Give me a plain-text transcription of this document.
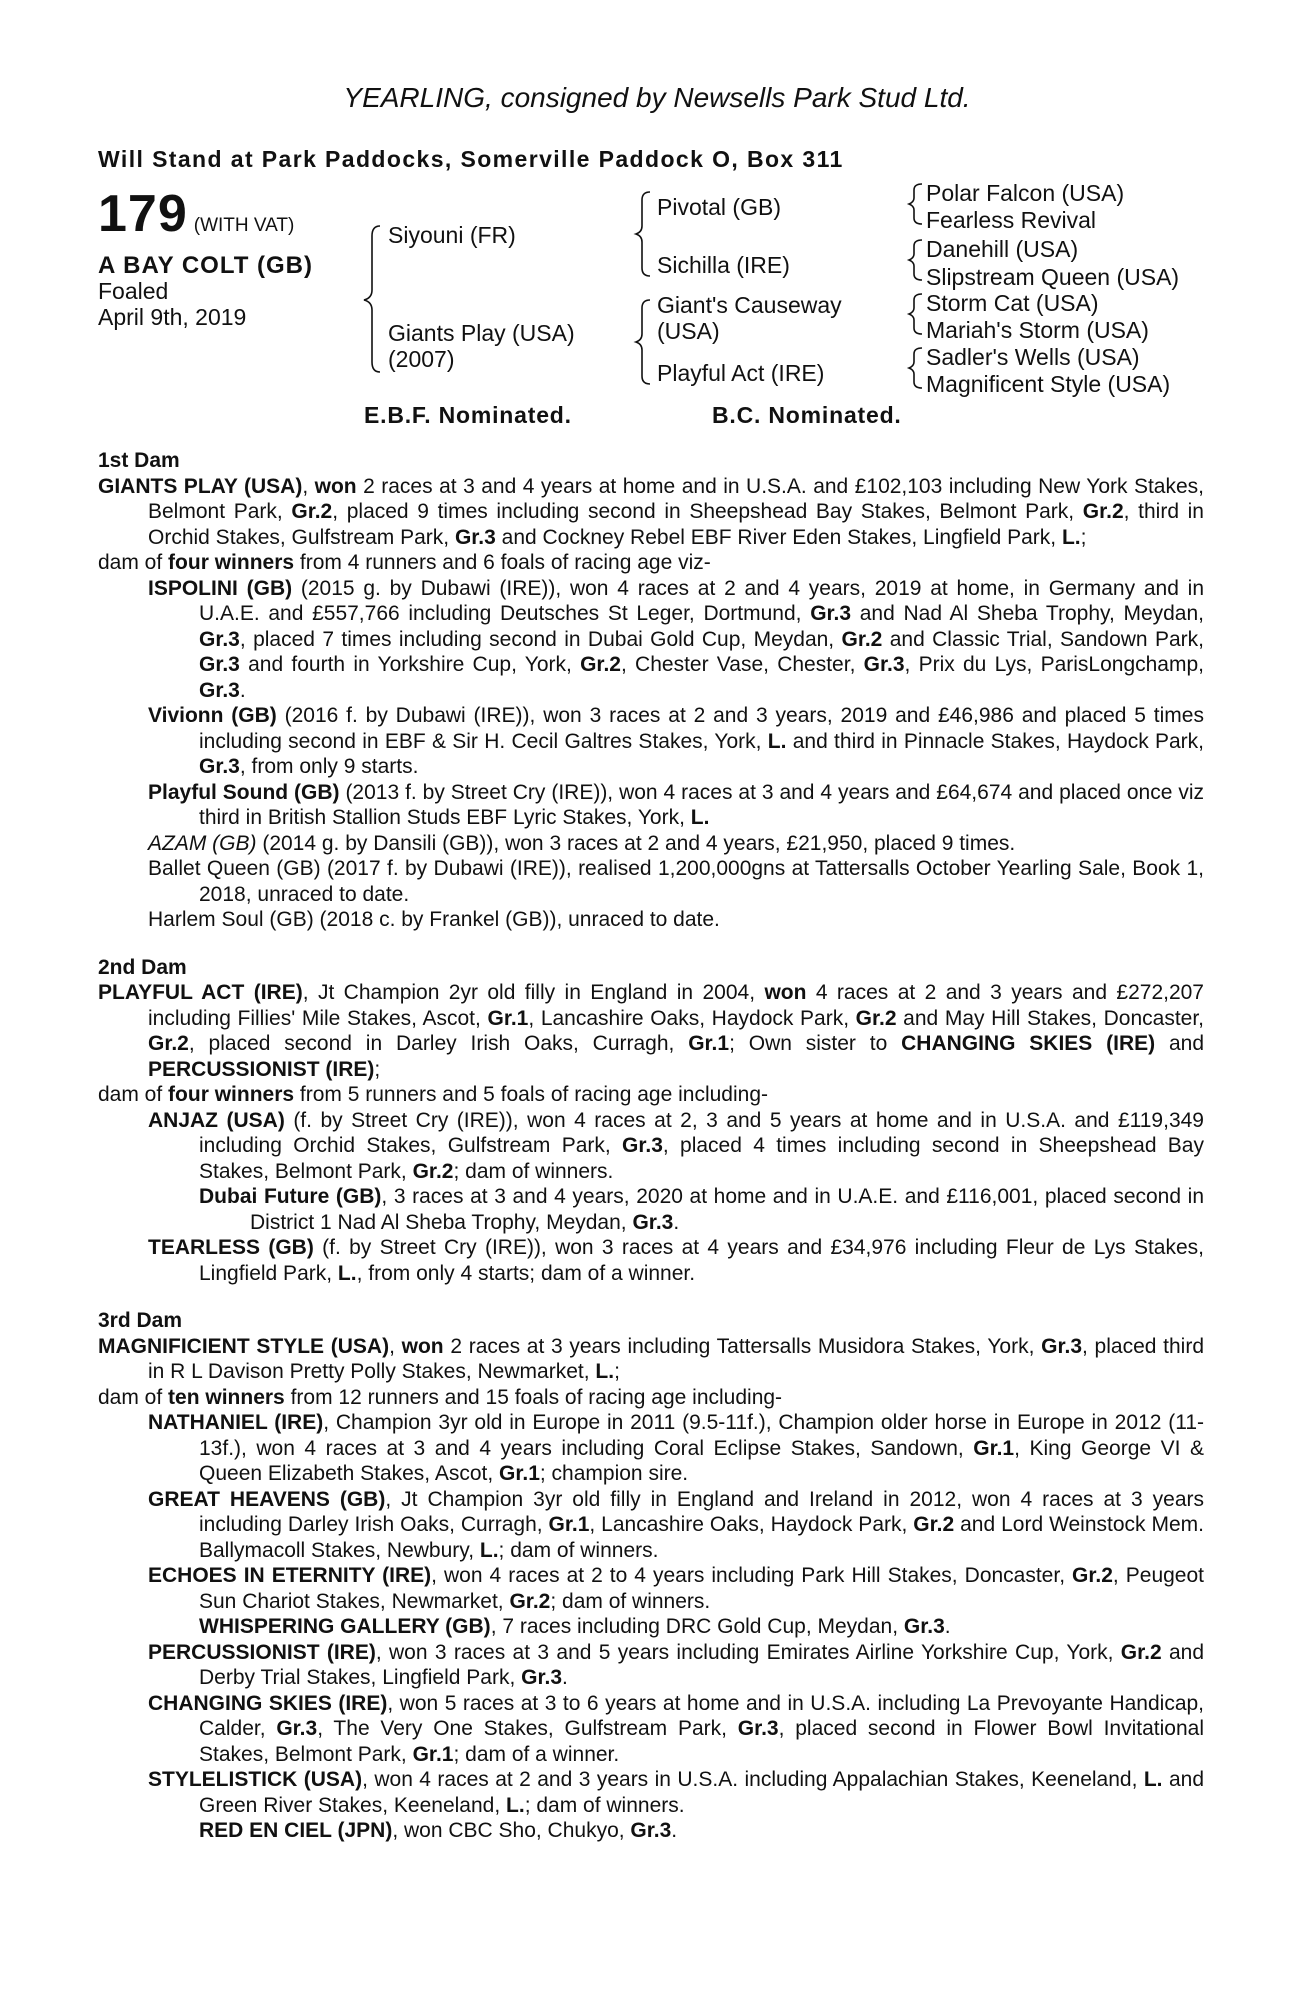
YEARLING, consigned by Newsells Park Stud Ltd.
Will Stand at Park Paddocks, Somerville Paddock O, Box 311
179 (WITH VAT)
A BAY COLT (GB)
Foaled
April 9th, 2019
Siyouni (FR)
Giants Play (USA)
(2007)
Pivotal (GB)
Sichilla (IRE)
Giant's Causeway
(USA)
Playful Act (IRE)
Polar Falcon (USA)
Fearless Revival
Danehill (USA)
Slipstream Queen (USA)
Storm Cat (USA)
Mariah's Storm (USA)
Sadler's Wells (USA)
Magnificent Style (USA)
E.B.F. Nominated.	B.C. Nominated.

1st Dam

GIANTS PLAY (USA), won 2 races at 3 and 4 years at home and in U.S.A. and £102,103 including New York Stakes, Belmont Park, Gr.2, placed 9 times including second in Sheepshead Bay Stakes, Belmont Park, Gr.2, third in Orchid Stakes, Gulfstream Park, Gr.3 and Cockney Rebel EBF River Eden Stakes, Lingfield Park, L.;

dam of four winners from 4 runners and 6 foals of racing age viz-

ISPOLINI (GB) (2015 g. by Dubawi (IRE)), won 4 races at 2 and 4 years, 2019 at home, in Germany and in U.A.E. and £557,766 including Deutsches St Leger, Dortmund, Gr.3 and Nad Al Sheba Trophy, Meydan, Gr.3, placed 7 times including second in Dubai Gold Cup, Meydan, Gr.2 and Classic Trial, Sandown Park, Gr.3 and fourth in Yorkshire Cup, York, Gr.2, Chester Vase, Chester, Gr.3, Prix du Lys, ParisLongchamp, Gr.3.

Vivionn (GB) (2016 f. by Dubawi (IRE)), won 3 races at 2 and 3 years, 2019 and £46,986 and placed 5 times including second in EBF & Sir H. Cecil Galtres Stakes, York, L. and third in Pinnacle Stakes, Haydock Park, Gr.3, from only 9 starts.

Playful Sound (GB) (2013 f. by Street Cry (IRE)), won 4 races at 3 and 4 years and £64,674 and placed once viz third in British Stallion Studs EBF Lyric Stakes, York, L.

AZAM (GB) (2014 g. by Dansili (GB)), won 3 races at 2 and 4 years, £21,950, placed 9 times.

Ballet Queen (GB) (2017 f. by Dubawi (IRE)), realised 1,200,000gns at Tattersalls October Yearling Sale, Book 1, 2018, unraced to date.

Harlem Soul (GB) (2018 c. by Frankel (GB)), unraced to date.

2nd Dam

PLAYFUL ACT (IRE), Jt Champion 2yr old filly in England in 2004, won 4 races at 2 and 3 years and £272,207 including Fillies' Mile Stakes, Ascot, Gr.1, Lancashire Oaks, Haydock Park, Gr.2 and May Hill Stakes, Doncaster, Gr.2, placed second in Darley Irish Oaks, Curragh, Gr.1; Own sister to CHANGING SKIES (IRE) and PERCUSSIONIST (IRE);

dam of four winners from 5 runners and 5 foals of racing age including-

ANJAZ (USA) (f. by Street Cry (IRE)), won 4 races at 2, 3 and 5 years at home and in U.S.A. and £119,349 including Orchid Stakes, Gulfstream Park, Gr.3, placed 4 times including second in Sheepshead Bay Stakes, Belmont Park, Gr.2; dam of winners.

Dubai Future (GB), 3 races at 3 and 4 years, 2020 at home and in U.A.E. and £116,001, placed second in District 1 Nad Al Sheba Trophy, Meydan, Gr.3.

TEARLESS (GB) (f. by Street Cry (IRE)), won 3 races at 4 years and £34,976 including Fleur de Lys Stakes, Lingfield Park, L., from only 4 starts; dam of a winner.

3rd Dam

MAGNIFICIENT STYLE (USA), won 2 races at 3 years including Tattersalls Musidora Stakes, York, Gr.3, placed third in R L Davison Pretty Polly Stakes, Newmarket, L.;

dam of ten winners from 12 runners and 15 foals of racing age including-

NATHANIEL (IRE), Champion 3yr old in Europe in 2011 (9.5-11f.), Champion older horse in Europe in 2012 (11-13f.), won 4 races at 3 and 4 years including Coral Eclipse Stakes, Sandown, Gr.1, King George VI & Queen Elizabeth Stakes, Ascot, Gr.1; champion sire.

GREAT HEAVENS (GB), Jt Champion 3yr old filly in England and Ireland in 2012, won 4 races at 3 years including Darley Irish Oaks, Curragh, Gr.1, Lancashire Oaks, Haydock Park, Gr.2 and Lord Weinstock Mem. Ballymacoll Stakes, Newbury, L.; dam of winners.

ECHOES IN ETERNITY (IRE), won 4 races at 2 to 4 years including Park Hill Stakes, Doncaster, Gr.2, Peugeot Sun Chariot Stakes, Newmarket, Gr.2; dam of winners.

WHISPERING GALLERY (GB), 7 races including DRC Gold Cup, Meydan, Gr.3.

PERCUSSIONIST (IRE), won 3 races at 3 and 5 years including Emirates Airline Yorkshire Cup, York, Gr.2 and Derby Trial Stakes, Lingfield Park, Gr.3.

CHANGING SKIES (IRE), won 5 races at 3 to 6 years at home and in U.S.A. including La Prevoyante Handicap, Calder, Gr.3, The Very One Stakes, Gulfstream Park, Gr.3, placed second in Flower Bowl Invitational Stakes, Belmont Park, Gr.1; dam of a winner.

STYLELISTICK (USA), won 4 races at 2 and 3 years in U.S.A. including Appalachian Stakes, Keeneland, L. and Green River Stakes, Keeneland, L.; dam of winners.

RED EN CIEL (JPN), won CBC Sho, Chukyo, Gr.3.
